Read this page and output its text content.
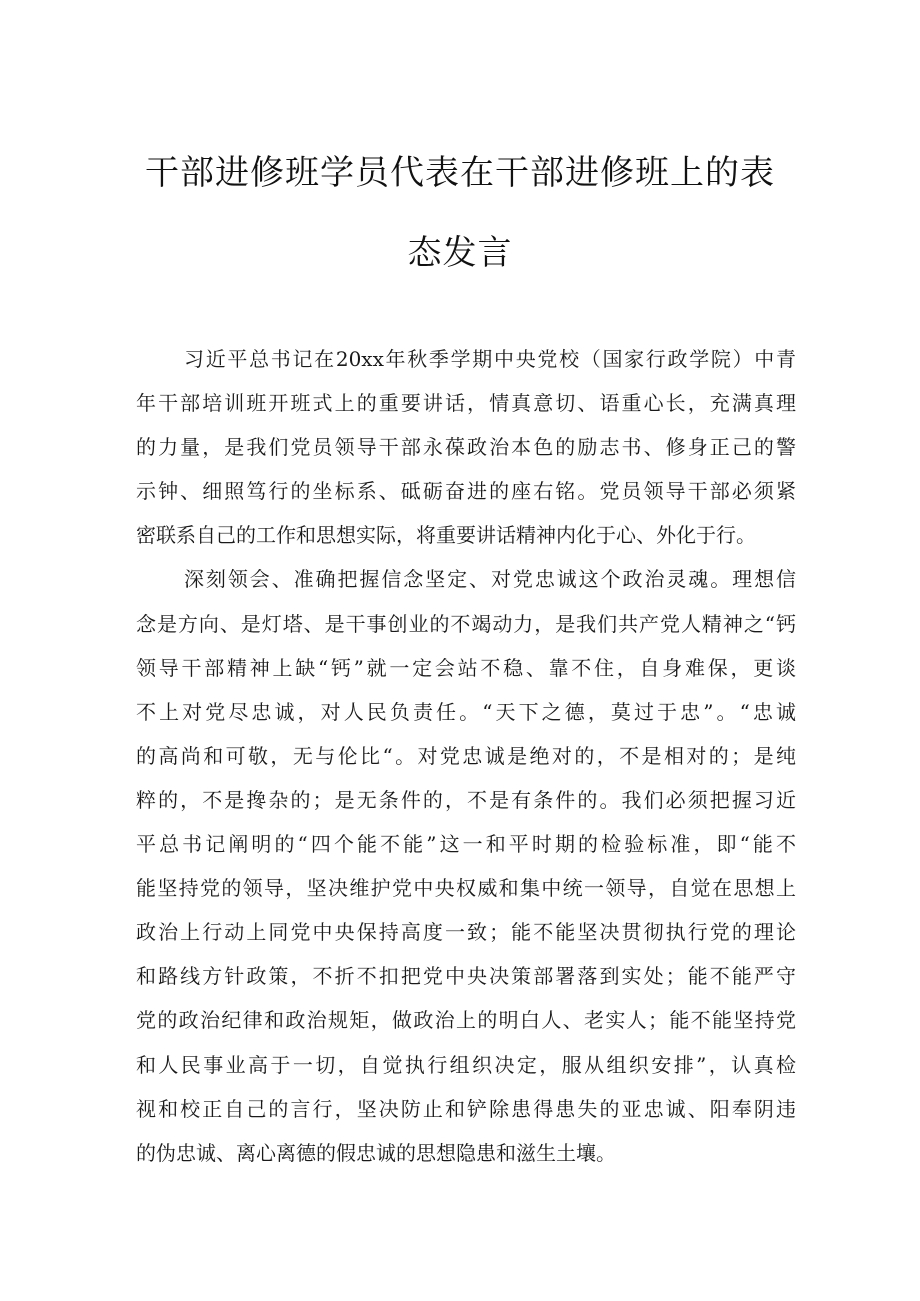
干部进修班学员代表在干部进修班上的表
态发言
习近平总书记在20xx年秋季学期中央党校（国家行政学院）中青
年干部培训班开班式上的重要讲话，情真意切、语重心长，充满真理
的力量，是我们党员领导干部永葆政治本色的励志书、修身正己的警
示钟、细照笃行的坐标系、砥砺奋进的座右铭。党员领导干部必须紧
密联系自己的工作和思想实际，将重要讲话精神内化于心、外化于行。
深刻领会、准确把握信念坚定、对党忠诚这个政治灵魂。理想信
念是方向、是灯塔、是干事创业的不竭动力，是我们共产党人精神之“钙
领导干部精神上缺“钙”就一定会站不稳、靠不住，自身难保，更谈
不上对党尽忠诚，对人民负责任。“天下之德，莫过于忠”。“忠诚
的高尚和可敬，无与伦比“。对党忠诚是绝对的，不是相对的；是纯
粹的，不是搀杂的；是无条件的，不是有条件的。我们必须把握习近
平总书记阐明的“四个能不能”这一和平时期的检验标准，即“能不
能坚持党的领导，坚决维护党中央权威和集中统一领导，自觉在思想上
政治上行动上同党中央保持高度一致；能不能坚决贯彻执行党的理论
和路线方针政策，不折不扣把党中央决策部署落到实处；能不能严守
党的政治纪律和政治规矩，做政治上的明白人、老实人；能不能坚持党
和人民事业高于一切，自觉执行组织决定，服从组织安排”，认真检
视和校正自己的言行，坚决防止和铲除患得患失的亚忠诚、阳奉阴违
的伪忠诚、离心离德的假忠诚的思想隐患和滋生土壤。
